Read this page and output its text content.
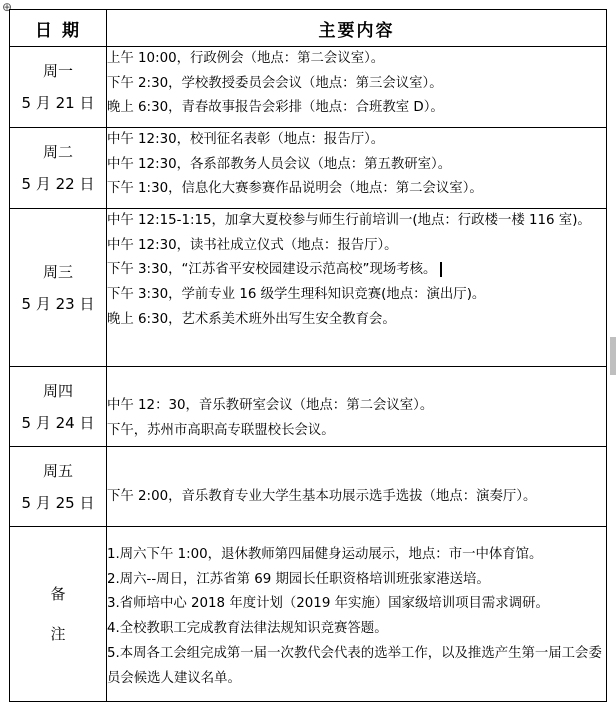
⊕
日 期	主要内容

周一
5 月 21 日	上午 10:00，行政例会（地点：第二会议室）。
下午 2:30，学校教授委员会会议（地点：第三会议室）。
晚上 6:30，青春故事报告会彩排（地点：合班教室 D）。

周二
5 月 22 日	中午 12:30，校刊征名表彰（地点：报告厅）。
中午 12:30，各系部教务人员会议（地点：第五教研室）。
下午 1:30，信息化大赛参赛作品说明会（地点：第二会议室）。

周三
5 月 23 日	中午 12:15-1:15，加拿大夏校参与师生行前培训一(地点：行政楼一楼 116 室)。
中午 12:30，读书社成立仪式（地点：报告厅）。
下午 3:30，“江苏省平安校园建设示范高校”现场考核。
下午 3:30，学前专业 16 级学生理科知识竞赛(地点：演出厅)。
晚上 6:30，艺术系美术班外出写生安全教育会。

周四
5 月 24 日	中午 12：30，音乐教研室会议（地点：第二会议室）。
下午，苏州市高职高专联盟校长会议。

周五
5 月 25 日	下午 2:00，音乐教育专业大学生基本功展示选手选拔（地点：演奏厅）。

备
注	1.周六下午 1:00，退休教师第四届健身运动展示，地点：市一中体育馆。
2.周六--周日，江苏省第 69 期园长任职资格培训班张家港送培。
3.省师培中心 2018 年度计划（2019 年实施）国家级培训项目需求调研。
4.全校教职工完成教育法律法规知识竞赛答题。
5.本周各工会组完成第一届一次教代会代表的选举工作，以及推选产生第一届工会委员会候选人建议名单。
